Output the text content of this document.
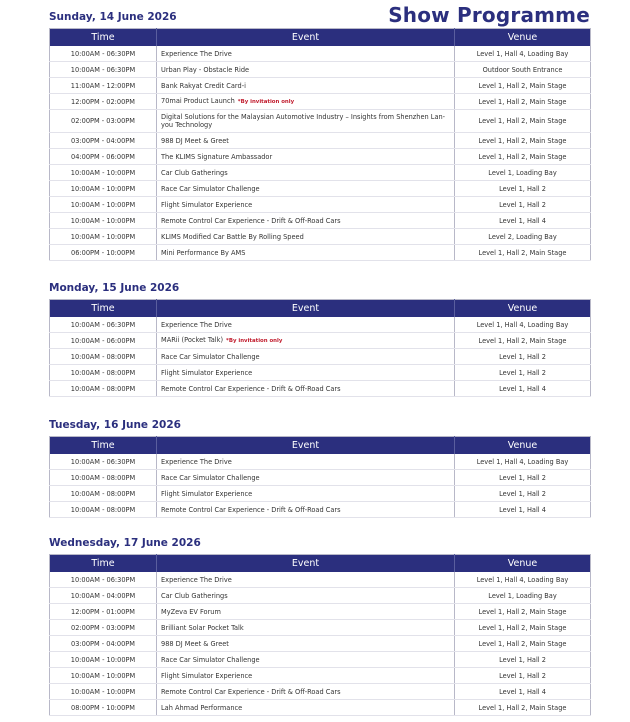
Show Programme
Sunday, 14 June 2026
Time	Event	Venue
10:00AM - 06:30PM	Experience The Drive	Level 1, Hall 4, Loading Bay
10:00AM - 06:30PM	Urban Play - Obstacle Ride	Outdoor South Entrance
11:00AM - 12:00PM	Bank Rakyat Credit Card-i	Level 1, Hall 2, Main Stage
12:00PM - 02:00PM	70mai Product Launch *By invitation only	Level 1, Hall 2, Main Stage
02:00PM - 03:00PM	Digital Solutions for the Malaysian Automotive Industry – Insights from Shenzhen Lan-you Technology	Level 1, Hall 2, Main Stage
03:00PM - 04:00PM	988 DJ Meet & Greet	Level 1, Hall 2, Main Stage
04:00PM - 06:00PM	The KLIMS Signature Ambassador	Level 1, Hall 2, Main Stage
10:00AM - 10:00PM	Car Club Gatherings	Level 1, Loading Bay
10:00AM - 10:00PM	Race Car Simulator Challenge	Level 1, Hall 2
10:00AM - 10:00PM	Flight Simulator Experience	Level 1, Hall 2
10:00AM - 10:00PM	Remote Control Car Experience - Drift & Off-Road Cars	Level 1, Hall 4
10:00AM - 10:00PM	KLIMS Modified Car Battle By Rolling Speed	Level 2, Loading Bay
06:00PM - 10:00PM	Mini Performance By AMS	Level 1, Hall 2, Main Stage
Monday, 15 June 2026
Time	Event	Venue
10:00AM - 06:30PM	Experience The Drive	Level 1, Hall 4, Loading Bay
10:00AM - 06:00PM	MARii (Pocket Talk) *By invitation only	Level 1, Hall 2, Main Stage
10:00AM - 08:00PM	Race Car Simulator Challenge	Level 1, Hall 2
10:00AM - 08:00PM	Flight Simulator Experience	Level 1, Hall 2
10:00AM - 08:00PM	Remote Control Car Experience - Drift & Off-Road Cars	Level 1, Hall 4
Tuesday, 16 June 2026
Time	Event	Venue
10:00AM - 06:30PM	Experience The Drive	Level 1, Hall 4, Loading Bay
10:00AM - 08:00PM	Race Car Simulator Challenge	Level 1, Hall 2
10:00AM - 08:00PM	Flight Simulator Experience	Level 1, Hall 2
10:00AM - 08:00PM	Remote Control Car Experience - Drift & Off-Road Cars	Level 1, Hall 4
Wednesday, 17 June 2026
Time	Event	Venue
10:00AM - 06:30PM	Experience The Drive	Level 1, Hall 4, Loading Bay
10:00AM - 04:00PM	Car Club Gatherings	Level 1, Loading Bay
12:00PM - 01:00PM	MyZeva EV Forum	Level 1, Hall 2, Main Stage
02:00PM - 03:00PM	Brilliant Solar Pocket Talk	Level 1, Hall 2, Main Stage
03:00PM - 04:00PM	988 DJ Meet & Greet	Level 1, Hall 2, Main Stage
10:00AM - 10:00PM	Race Car Simulator Challenge	Level 1, Hall 2
10:00AM - 10:00PM	Flight Simulator Experience	Level 1, Hall 2
10:00AM - 10:00PM	Remote Control Car Experience - Drift & Off-Road Cars	Level 1, Hall 4
08:00PM - 10:00PM	Lah Ahmad Performance	Level 1, Hall 2, Main Stage
